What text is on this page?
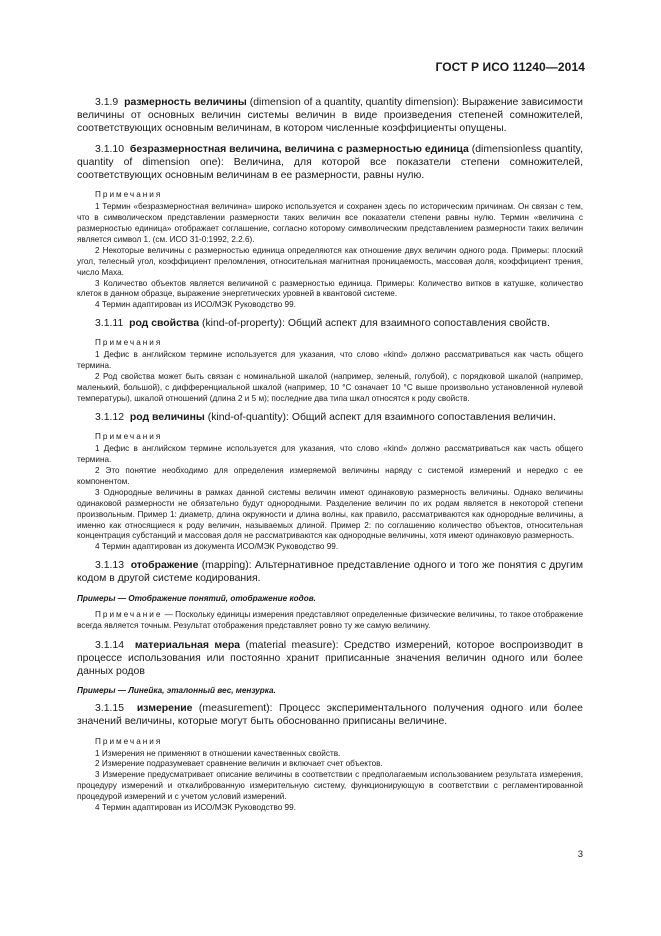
ГОСТ Р ИСО 11240—2014

3.1.9 размерность величины (dimension of a quantity, quantity dimension): Выражение зависимости величины от основных величин системы величин в виде произведения степеней сомножителей, соответствующих основным величинам, в котором численные коэффициенты опущены.

3.1.10 безразмерностная величина, величина с размерностью единица (dimensionless quantity, quantity of dimension one): Величина, для которой все показатели степени сомножителей, соответствующих основным величинам в ее размерности, равны нулю.

Примечания

1 Термин «безразмерностная величина» широко используется и сохранен здесь по историческим причинам. Он связан с тем, что в символическом представлении размерности таких величин все показатели степени равны нулю. Термин «величина с размерностью единица» отображает соглашение, согласно которому символическим представлением размерности таких величин является символ 1. (см. ИСО 31-0:1992, 2.2.6).

2 Некоторые величины с размерностью единица определяются как отношение двух величин одного рода. Примеры: плоский угол, телесный угол, коэффициент преломления, относительная магнитная проницаемость, массовая доля, коэффициент трения, число Маха.

3 Количество объектов является величиной с размерностью единица. Примеры: Количество витков в катушке, количество клеток в данном образце, выражение энергетических уровней в квантовой системе.

4 Термин адаптирован из ИСО/МЭК Руководство 99.

3.1.11 род свойства (kind-of-property): Общий аспект для взаимного сопоставления свойств.

Примечания

1 Дефис в английском термине используется для указания, что слово «kind» должно рассматриваться как часть общего термина.

2 Род свойства может быть связан с номинальной шкалой (например, зеленый, голубой), с порядковой шкалой (например, маленький, большой), с дифференциальной шкалой (например, 10 °С означает 10 °С выше произвольно установленной нулевой температуры), шкалой отношений (длина 2 и 5 м); последние два типа шкал относятся к роду свойств.

3.1.12 род величины (kind-of-quantity): Общий аспект для взаимного сопоставления величин.

Примечания

1 Дефис в английском термине используется для указания, что слово «kind» должно рассматриваться как часть общего термина.

2 Это понятие необходимо для определения измеряемой величины наряду с системой измерений и нередко с ее компонентом.

3 Однородные величины в рамках данной системы величин имеют одинаковую размерность величины. Однако величины одинаковой размерности не обязательно будут однородными. Разделение величин по их родам является в некоторой степени произвольным. Пример 1: диаметр, длина окружности и длина волны, как правило, рассматриваются как однородные величины, а именно как относящиеся к роду величин, называемых длиной. Пример 2: по соглашению количество объектов, относительная концентрация субстанций и массовая доля не рассматриваются как однородные величины, хотя имеют одинаковую размерность.

4 Термин адаптирован из документа ИСО/МЭК Руководство 99.

3.1.13 отображение (mapping): Альтернативное представление одного и того же понятия с другим кодом в другой системе кодирования.

Примеры — Отображение понятий, отображение кодов.

Примечание — Поскольку единицы измерения представляют определенные физические величины, то такое отображение всегда является точным. Результат отображения представляет ровно ту же самую величину.

3.1.14 материальная мера (material measure): Средство измерений, которое воспроизводит в процессе использования или постоянно хранит приписанные значения величин одного или более данных родов

Примеры — Линейка, эталонный вес, мензурка.

3.1.15 измерение (measurement): Процесс экспериментального получения одного или более значений величины, которые могут быть обоснованно приписаны величине.

Примечания

1 Измерения не применяют в отношении качественных свойств.

2 Измерение подразумевает сравнение величин и включает счет объектов.

3 Измерение предусматривает описание величины в соответствии с предполагаемым использованием результата измерения, процедуру измерений и откалиброванную измерительную систему, функционирующую в соответствии с регламентированной процедурой измерений и с учетом условий измерений.

4 Термин адаптирован из ИСО/МЭК Руководство 99.

3
